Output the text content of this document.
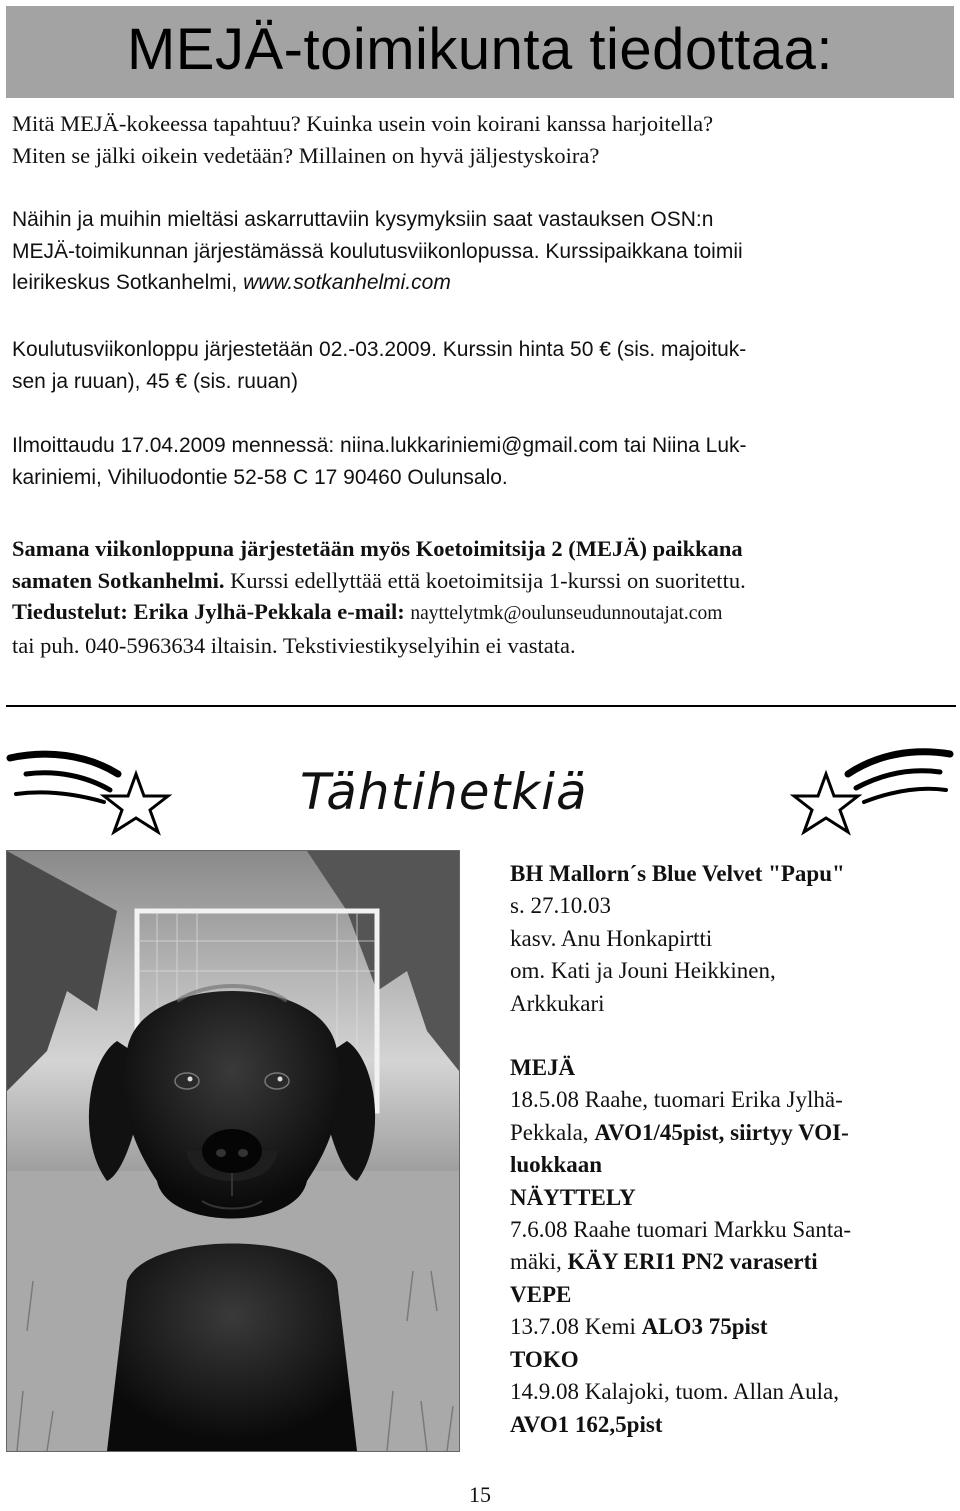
MEJÄ-toimikunta tiedottaa:

Mitä MEJÄ-kokeessa tapahtuu? Kuinka usein voin koirani kanssa harjoitella?
Miten se jälki oikein vedetään? Millainen on hyvä jäljestyskoira?

Näihin ja muihin mieltäsi askarruttaviin kysymyksiin saat vastauksen OSN:n
MEJÄ-toimikunnan järjestämässä koulutusviikonlopussa. Kurssipaikkana toimii
leirikeskus Sotkanhelmi, www.sotkanhelmi.com

Koulutusviikonloppu järjestetään 02.-03.2009. Kurssin hinta 50 € (sis. majoituk-
sen ja ruuan), 45 € (sis. ruuan)

Ilmoittaudu 17.04.2009 mennessä: niina.lukkariniemi@gmail.com tai Niina Luk-
kariniemi, Vihiluodontie 52-58 C 17 90460 Oulunsalo.

Samana viikonloppuna järjestetään myös Koetoimitsija 2 (MEJÄ) paikkana
samaten Sotkanhelmi. Kurssi edellyttää että koetoimitsija 1-kurssi on suoritettu.
Tiedustelut: Erika Jylhä-Pekkala e-mail: nayttelytmk@oulunseudunnoutajat.com
tai puh. 040-5963634 iltaisin. Tekstiviestikyselyihin ei vastata.

Tähtihetkiä
BH Mallorn´s Blue Velvet "Papu"
s. 27.10.03
kasv. Anu Honkapirtti
om. Kati ja Jouni Heikkinen,
Arkkukari
MEJÄ
18.5.08 Raahe, tuomari Erika Jylhä-
Pekkala, AVO1/45pist, siirtyy VOI-
luokkaan
NÄYTTELY
7.6.08 Raahe tuomari Markku Santa-
mäki, KÄY ERI1 PN2 varaserti
VEPE
13.7.08 Kemi ALO3 75pist
TOKO
14.9.08 Kalajoki, tuom. Allan Aula,
AVO1 162,5pist
15
